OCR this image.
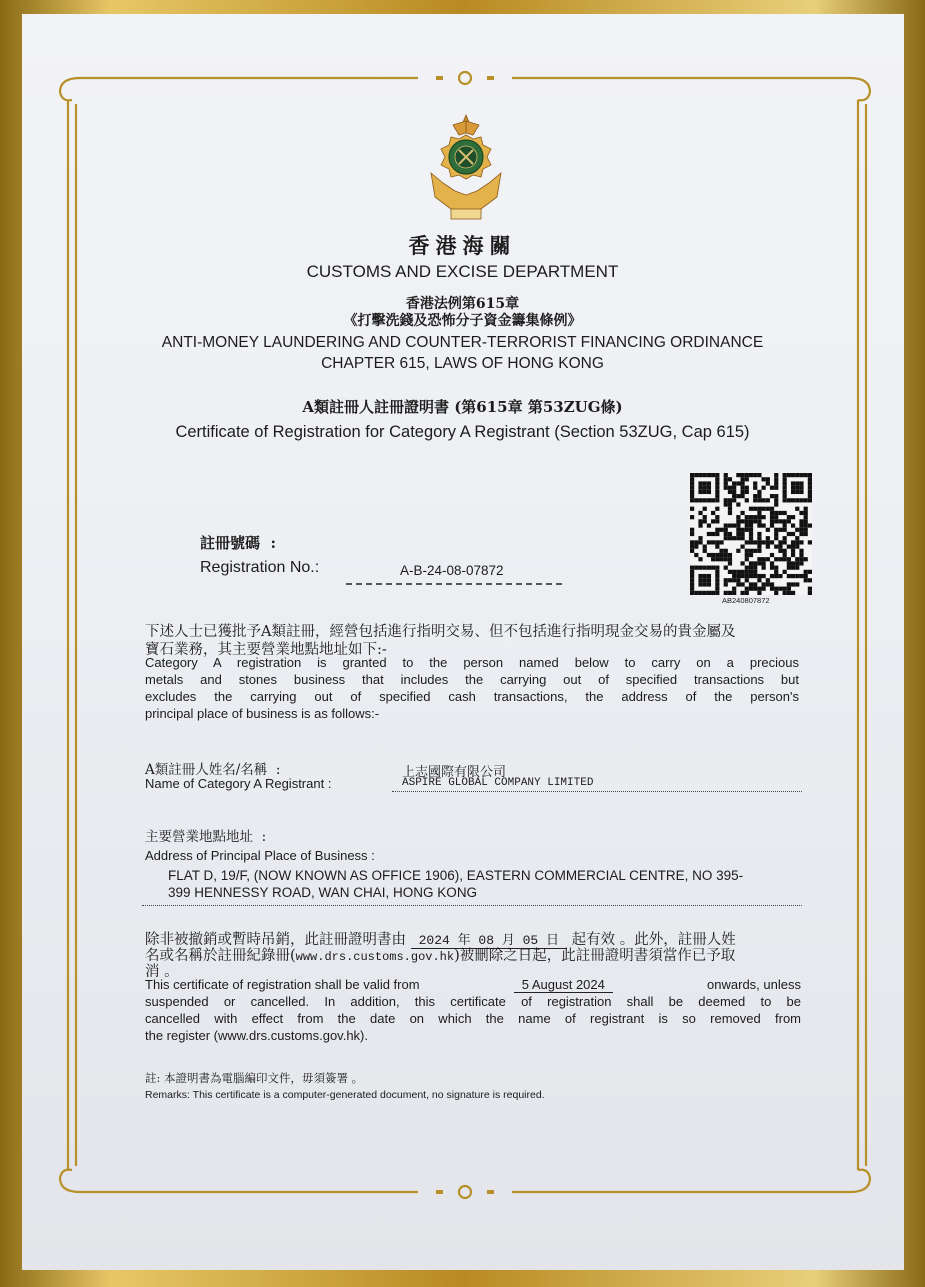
香港海關
CUSTOMS AND EXCISE DEPARTMENT
香港法例第615章
《打擊洗錢及恐怖分子資金籌集條例》
ANTI-MONEY LAUNDERING AND COUNTER-TERRORIST FINANCING ORDINANCE
CHAPTER 615, LAWS OF HONG KONG
A類註冊人註冊證明書 (第615章 第53ZUG條)
Certificate of Registration for Category A Registrant (Section 53ZUG, Cap 615)
AB240807872
註冊號碼  :
Registration No.:	A-B-24-08-07872
下述人士已獲批予A類註冊，經營包括進行指明交易、但不包括進行指明現金交易的貴金屬及
寶石業務，其主要營業地點地址如下:-
Category A registration is granted to the person named below to carry on a precious
metals and stones business that includes the carrying out of specified transactions but
excludes the carrying out of specified cash transactions, the address of the person's
principal place of business is as follows:-
A類註冊人姓名/名稱  :
Name of Category A Registrant :
上志國際有限公司
ASPIRE GLOBAL COMPANY LIMITED
主要營業地點地址  :
Address of Principal Place of Business :
FLAT D, 19/F, (NOW KNOWN AS OFFICE 1906), EASTERN COMMERCIAL CENTRE, NO 395-
399 HENNESSY ROAD, WAN CHAI, HONG KONG
除非被撤銷或暫時吊銷，此註冊證明書由 2024 年 08 月 05 日 起有效 。此外，註冊人姓
名或名稱於註冊紀錄冊(www.drs.customs.gov.hk)被刪除之日起，此註冊證明書須當作已予取
消 。
This certificate of registration shall be valid from	5 August 2024	onwards, unless
suspended or cancelled. In addition, this certificate of registration shall be deemed to be
cancelled with effect from the date on which the name of registrant is so removed from
the register (www.drs.customs.gov.hk).
註: 本證明書為電腦編印文件，毋須簽署 。
Remarks: This certificate is a computer-generated document, no signature is required.
